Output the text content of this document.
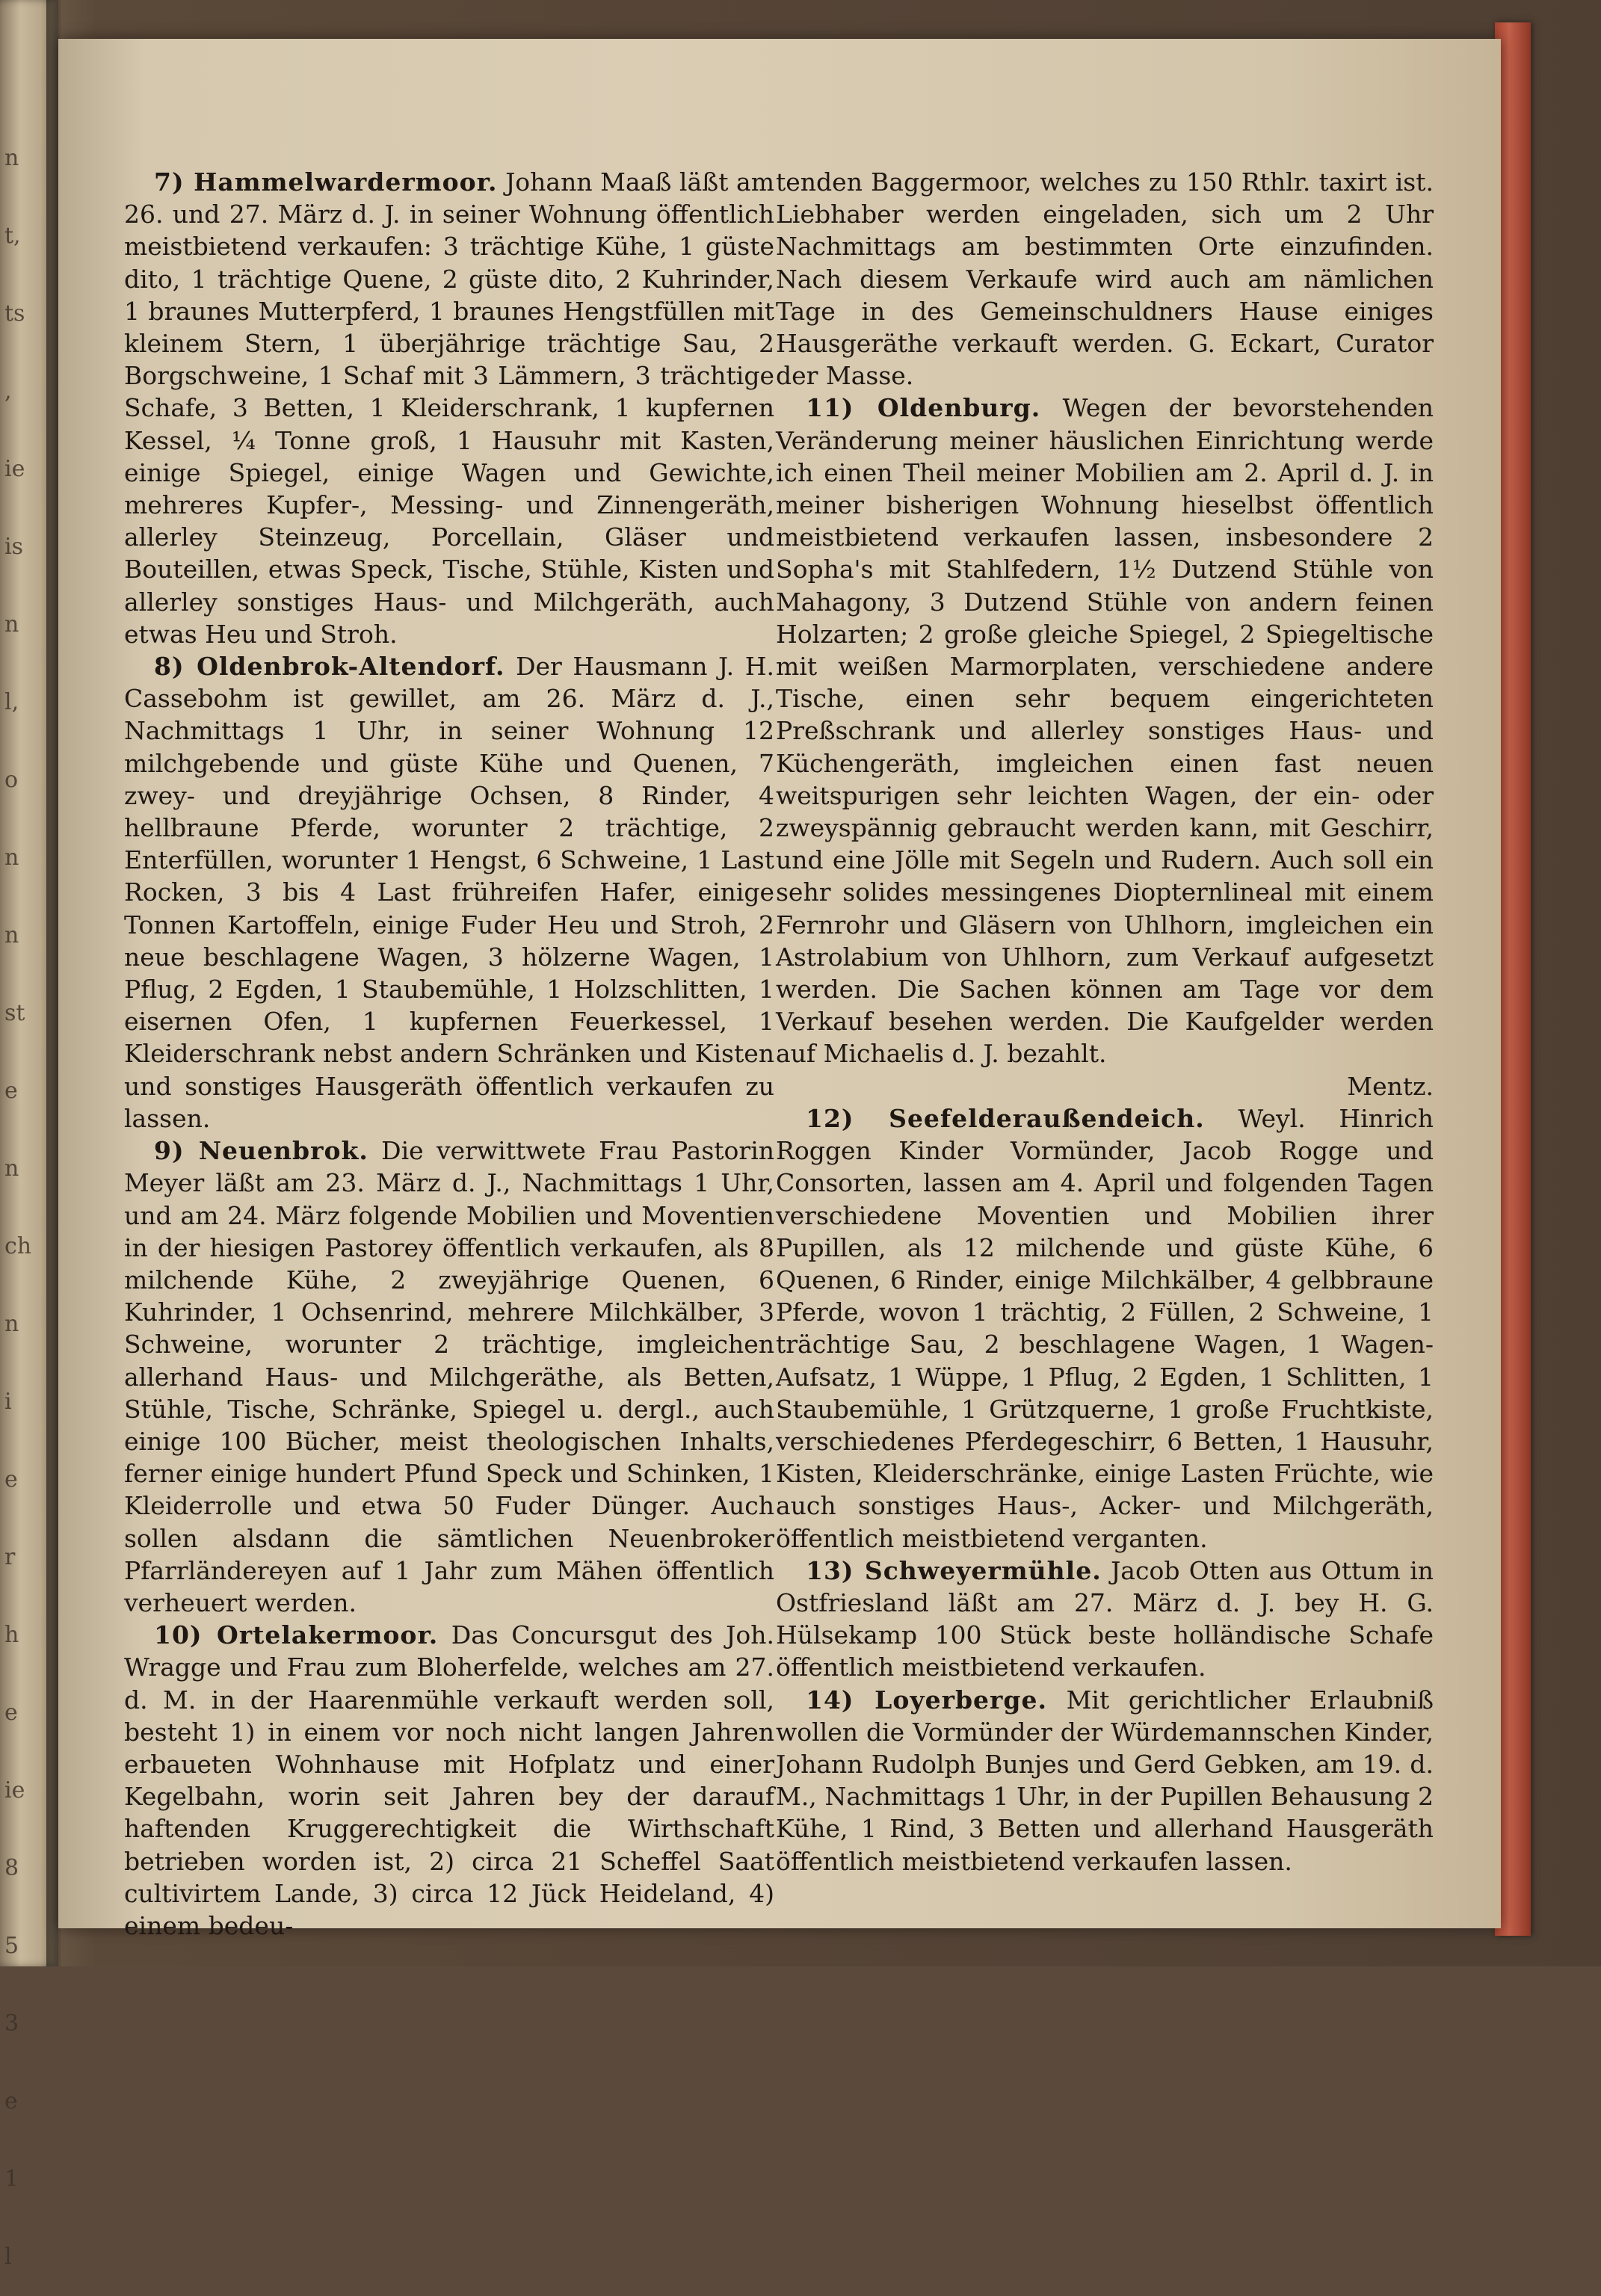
n
t,
ts
,
ie
is
n
l,
o
n
n
st
e
n
ch
n
i
e
r
h
e
ie
8
5
3
e
1
l

7) Hammelwardermoor. Johann Maaß läßt am 26. und 27. März d. J. in seiner Wohnung öffentlich meistbietend verkaufen: 3 trächtige Kühe, 1 güste dito, 1 trächtige Quene, 2 güste dito, 2 Kuhrinder, 1 braunes Mutterpferd, 1 braunes Hengstfüllen mit kleinem Stern, 1 überjährige trächtige Sau, 2 Borgschweine, 1 Schaf mit 3 Lämmern, 3 trächtige Schafe, 3 Betten, 1 Kleiderschrank, 1 kupfernen Kessel, ¼ Tonne groß, 1 Hausuhr mit Kasten, einige Spiegel, einige Wagen und Gewichte, mehreres Kupfer-, Messing- und Zinnengeräth, allerley Steinzeug, Porcellain, Gläser und Bouteillen, etwas Speck, Tische, Stühle, Kisten und allerley sonstiges Haus- und Milchgeräth, auch etwas Heu und Stroh.

8) Oldenbrok-Altendorf. Der Hausmann J. H. Cassebohm ist gewillet, am 26. März d. J., Nachmittags 1 Uhr, in seiner Wohnung 12 milchgebende und güste Kühe und Quenen, 7 zwey- und dreyjährige Ochsen, 8 Rinder, 4 hellbraune Pferde, worunter 2 trächtige, 2 Enterfüllen, worunter 1 Hengst, 6 Schweine, 1 Last Rocken, 3 bis 4 Last frühreifen Hafer, einige Tonnen Kartoffeln, einige Fuder Heu und Stroh, 2 neue beschlagene Wagen, 3 hölzerne Wagen, 1 Pflug, 2 Egden, 1 Staubemühle, 1 Holzschlitten, 1 eisernen Ofen, 1 kupfernen Feuerkessel, 1 Kleiderschrank nebst andern Schränken und Kisten und sonstiges Hausgeräth öffentlich verkaufen zu lassen.

9) Neuenbrok. Die verwittwete Frau Pastorin Meyer läßt am 23. März d. J., Nachmittags 1 Uhr, und am 24. März folgende Mobilien und Moventien in der hiesigen Pastorey öffentlich verkaufen, als 8 milchende Kühe, 2 zweyjährige Quenen, 6 Kuhrinder, 1 Ochsenrind, mehrere Milchkälber, 3 Schweine, worunter 2 trächtige, imgleichen allerhand Haus- und Milchgeräthe, als Betten, Stühle, Tische, Schränke, Spiegel u. dergl., auch einige 100 Bücher, meist theologischen Inhalts, ferner einige hundert Pfund Speck und Schinken, 1 Kleiderrolle und etwa 50 Fuder Dünger. Auch sollen alsdann die sämtlichen Neuenbroker Pfarrländereyen auf 1 Jahr zum Mähen öffentlich verheuert werden.

10) Ortelakermoor. Das Concursgut des Joh. Wragge und Frau zum Bloherfelde, welches am 27. d. M. in der Haarenmühle verkauft werden soll, besteht 1) in einem vor noch nicht langen Jahren erbaueten Wohnhause mit Hofplatz und einer Kegelbahn, worin seit Jahren bey der darauf haftenden Kruggerechtigkeit die Wirthschaft betrieben worden ist, 2) circa 21 Scheffel Saat cultivirtem Lande, 3) circa 12 Jück Heideland, 4) einem bedeu-

tenden Baggermoor, welches zu 150 Rthlr. taxirt ist. Liebhaber werden eingeladen, sich um 2 Uhr Nachmittags am bestimmten Orte einzufinden. Nach diesem Verkaufe wird auch am nämlichen Tage in des Gemeinschuldners Hause einiges Hausgeräthe verkauft werden. G. Eckart, Curator der Masse.

11) Oldenburg. Wegen der bevorstehenden Veränderung meiner häuslichen Einrichtung werde ich einen Theil meiner Mobilien am 2. April d. J. in meiner bisherigen Wohnung hieselbst öffentlich meistbietend verkaufen lassen, insbesondere 2 Sopha's mit Stahlfedern, 1½ Dutzend Stühle von Mahagony, 3 Dutzend Stühle von andern feinen Holzarten; 2 große gleiche Spiegel, 2 Spiegeltische mit weißen Marmorplaten, verschiedene andere Tische, einen sehr bequem eingerichteten Preßschrank und allerley sonstiges Haus- und Küchengeräth, imgleichen einen fast neuen weitspurigen sehr leichten Wagen, der ein- oder zweyspännig gebraucht werden kann, mit Geschirr, und eine Jölle mit Segeln und Rudern. Auch soll ein sehr solides messingenes Diopternlineal mit einem Fernrohr und Gläsern von Uhlhorn, imgleichen ein Astrolabium von Uhlhorn, zum Verkauf aufgesetzt werden. Die Sachen können am Tage vor dem Verkauf besehen werden. Die Kaufgelder werden auf Michaelis d. J. bezahlt.

Mentz.

12) Seefelderaußendeich. Weyl. Hinrich Roggen Kinder Vormünder, Jacob Rogge und Consorten, lassen am 4. April und folgenden Tagen verschiedene Moventien und Mobilien ihrer Pupillen, als 12 milchende und güste Kühe, 6 Quenen, 6 Rinder, einige Milchkälber, 4 gelbbraune Pferde, wovon 1 trächtig, 2 Füllen, 2 Schweine, 1 trächtige Sau, 2 beschlagene Wagen, 1 Wagen-Aufsatz, 1 Wüppe, 1 Pflug, 2 Egden, 1 Schlitten, 1 Staubemühle, 1 Grützquerne, 1 große Fruchtkiste, verschiedenes Pferdegeschirr, 6 Betten, 1 Hausuhr, Kisten, Kleiderschränke, einige Lasten Früchte, wie auch sonstiges Haus-, Acker- und Milchgeräth, öffentlich meistbietend verganten.

13) Schweyermühle. Jacob Otten aus Ottum in Ostfriesland läßt am 27. März d. J. bey H. G. Hülsekamp 100 Stück beste holländische Schafe öffentlich meistbietend verkaufen.

14) Loyerberge. Mit gerichtlicher Erlaubniß wollen die Vormünder der Würdemannschen Kinder, Johann Rudolph Bunjes und Gerd Gebken, am 19. d. M., Nachmittags 1 Uhr, in der Pupillen Behausung 2 Kühe, 1 Rind, 3 Betten und allerhand Hausgeräth öffentlich meistbietend verkaufen lassen.
